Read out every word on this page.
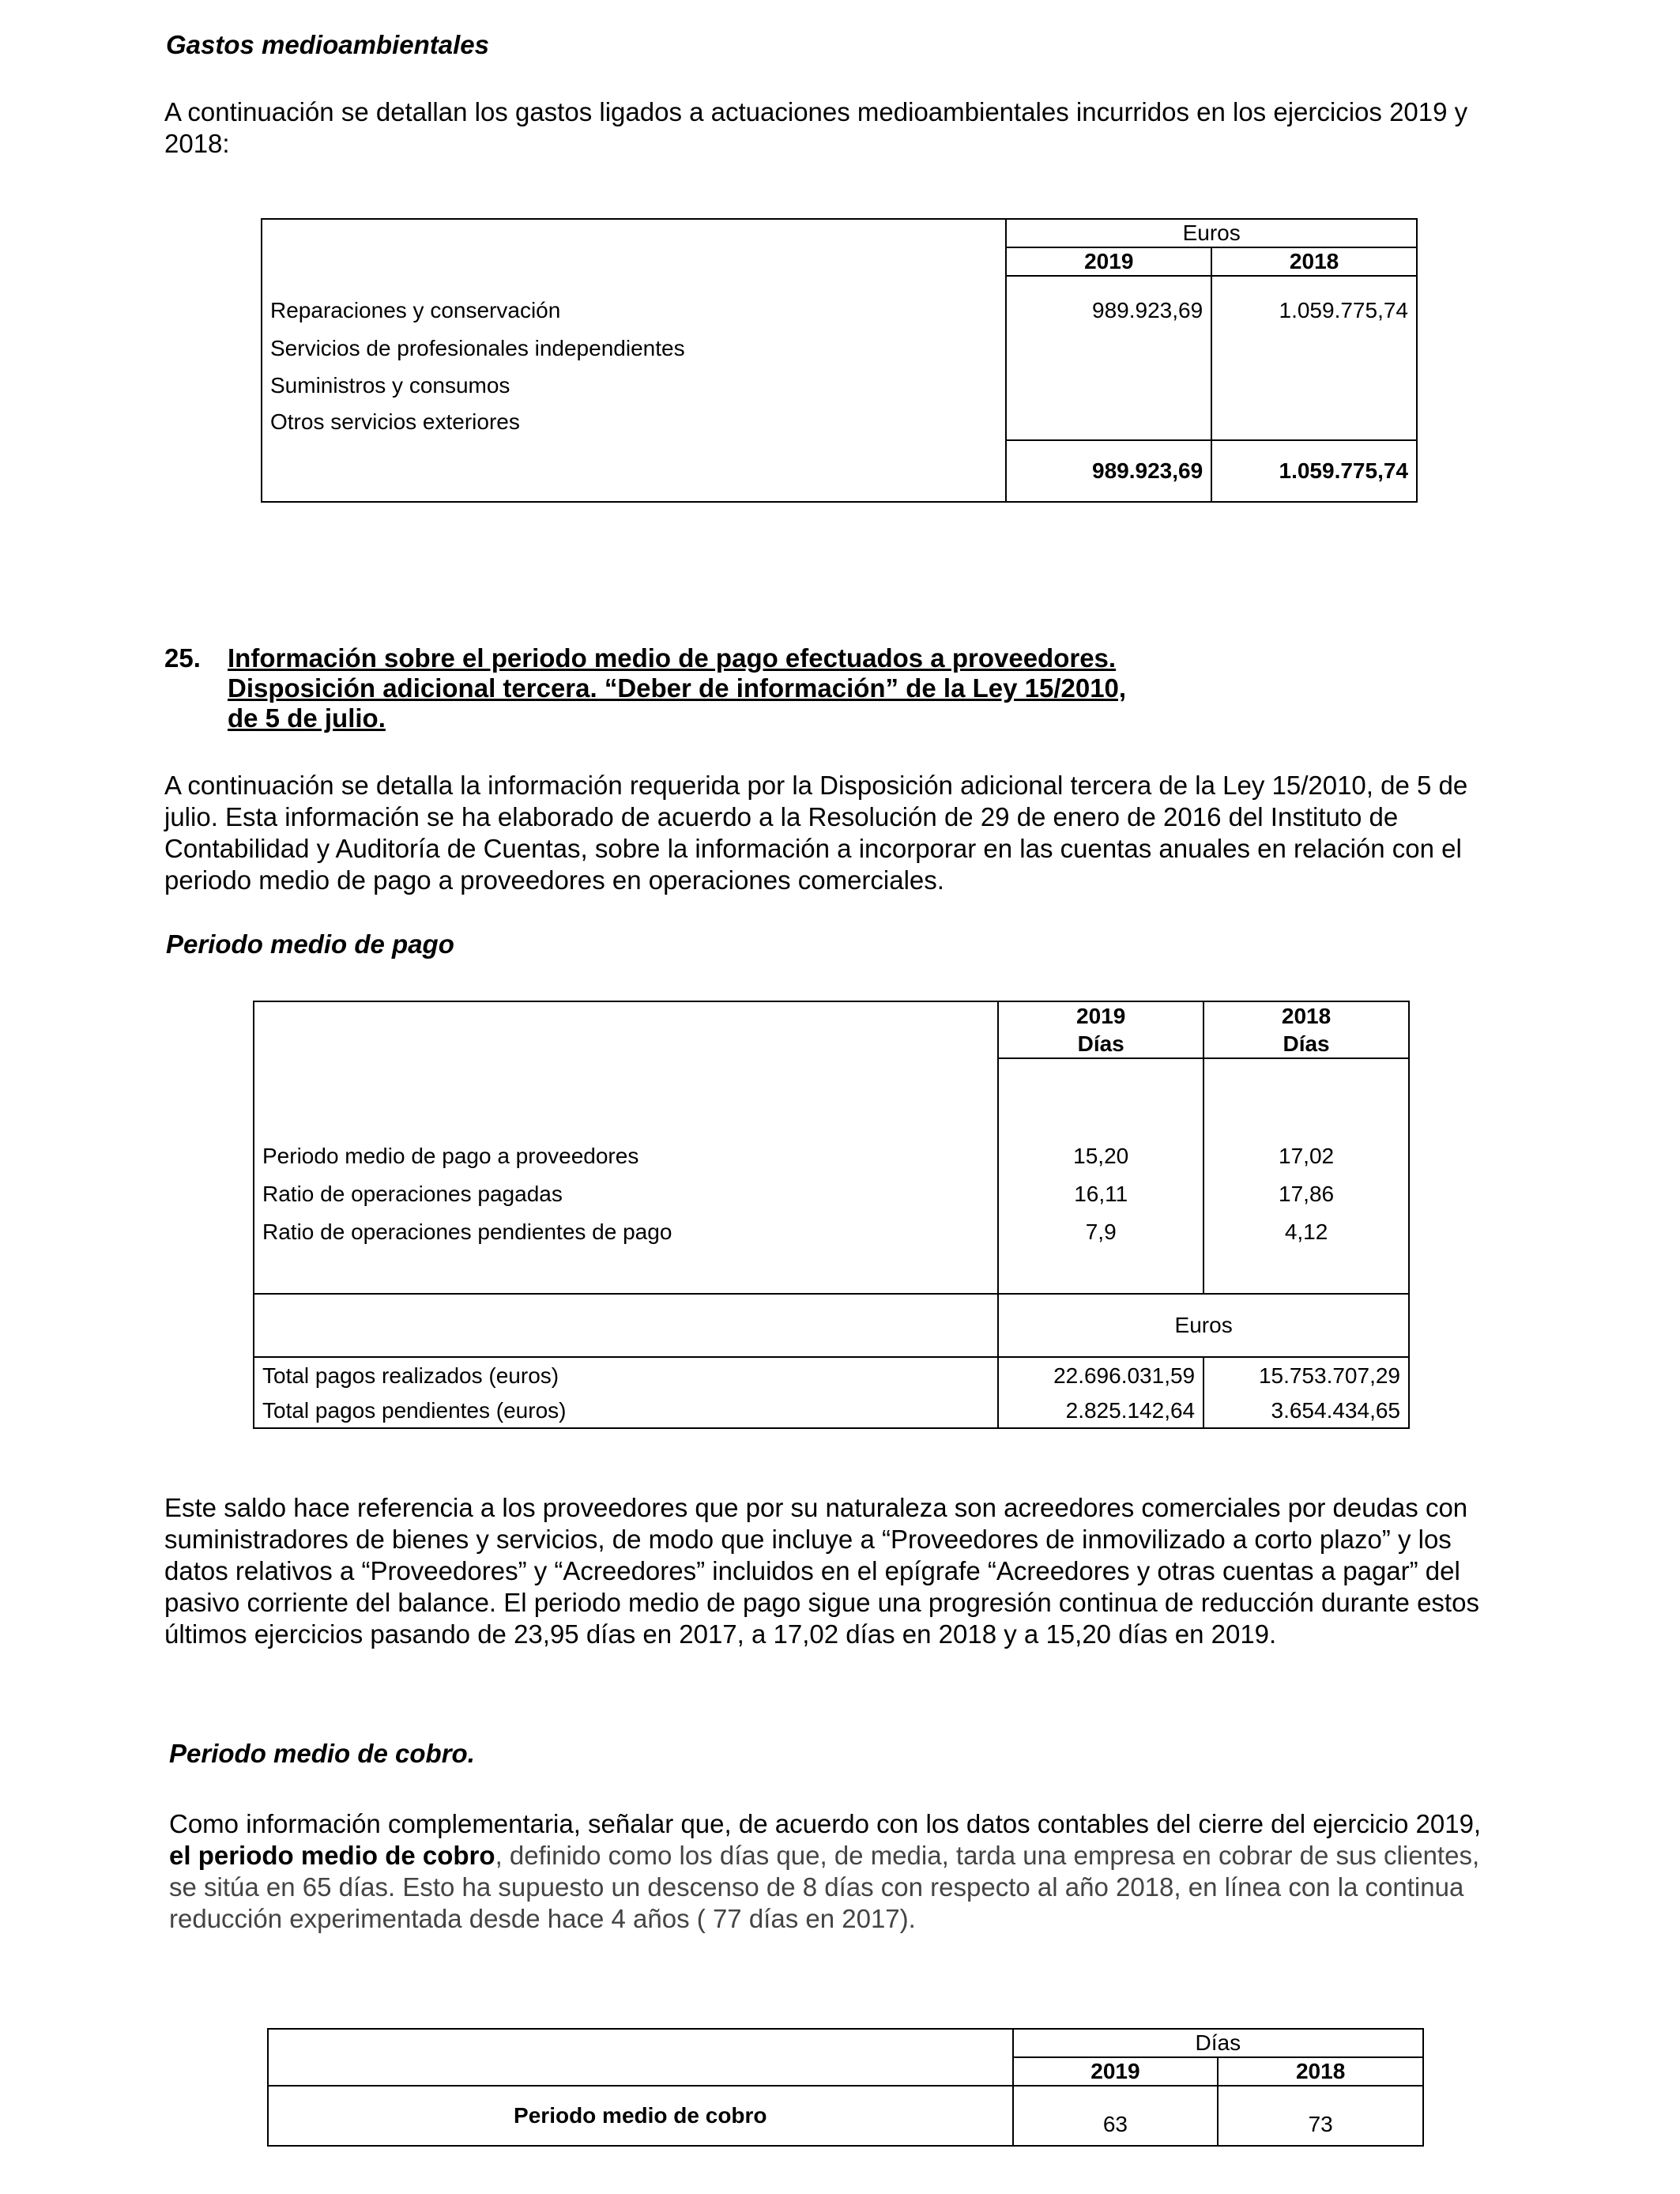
Gastos medioambientales
A continuación se detallan los gastos ligados a actuaciones medioambientales incurridos en los ejercicios 2019 y
2018:
	Euros	
	2019	2018

Reparaciones y conservación	989.923,69	1.059.775,74
Servicios de profesionales independientes		
Suministros y consumos		
Otros servicios exteriores		
	989.923,69	1.059.775,74
25. Información sobre el periodo medio de pago efectuados a proveedores.
Disposición adicional tercera. “Deber de información” de la Ley 15/2010,
de 5 de julio.
A continuación se detalla la información requerida por la Disposición adicional tercera de la Ley 15/2010, de 5 de
julio. Esta información se ha elaborado de acuerdo a la Resolución de 29 de enero de 2016 del Instituto de
Contabilidad y Auditoría de Cuentas, sobre la información a incorporar en las cuentas anuales en relación con el
periodo medio de pago a proveedores en operaciones comerciales.
Periodo medio de pago
	2019	2018
	Días	Días

Periodo medio de pago a proveedores	15,20	17,02
Ratio de operaciones pagadas	16,11	17,86
Ratio de operaciones pendientes de pago	7,9	4,12

	Euros	
Total pagos realizados (euros)	22.696.031,59	15.753.707,29
Total pagos pendientes (euros)	2.825.142,64	3.654.434,65
Este saldo hace referencia a los proveedores que por su naturaleza son acreedores comerciales por deudas con
suministradores de bienes y servicios, de modo que incluye a “Proveedores de inmovilizado a corto plazo” y los
datos relativos a “Proveedores” y “Acreedores” incluidos en el epígrafe “Acreedores y otras cuentas a pagar” del
pasivo corriente del balance. El periodo medio de pago sigue una progresión continua de reducción durante estos
últimos ejercicios pasando de 23,95 días en 2017, a 17,02 días en 2018 y a 15,20 días en 2019.
Periodo medio de cobro.
Como información complementaria, señalar que, de acuerdo con los datos contables del cierre del ejercicio 2019,
el periodo medio de cobro, definido como los días que, de media, tarda una empresa en cobrar de sus clientes,
se sitúa en 65 días. Esto ha supuesto un descenso de 8 días con respecto al año 2018, en línea con la continua
reducción experimentada desde hace 4 años ( 77 días en 2017).
	Días	
	2019	2018
Periodo medio de cobro	63	73
